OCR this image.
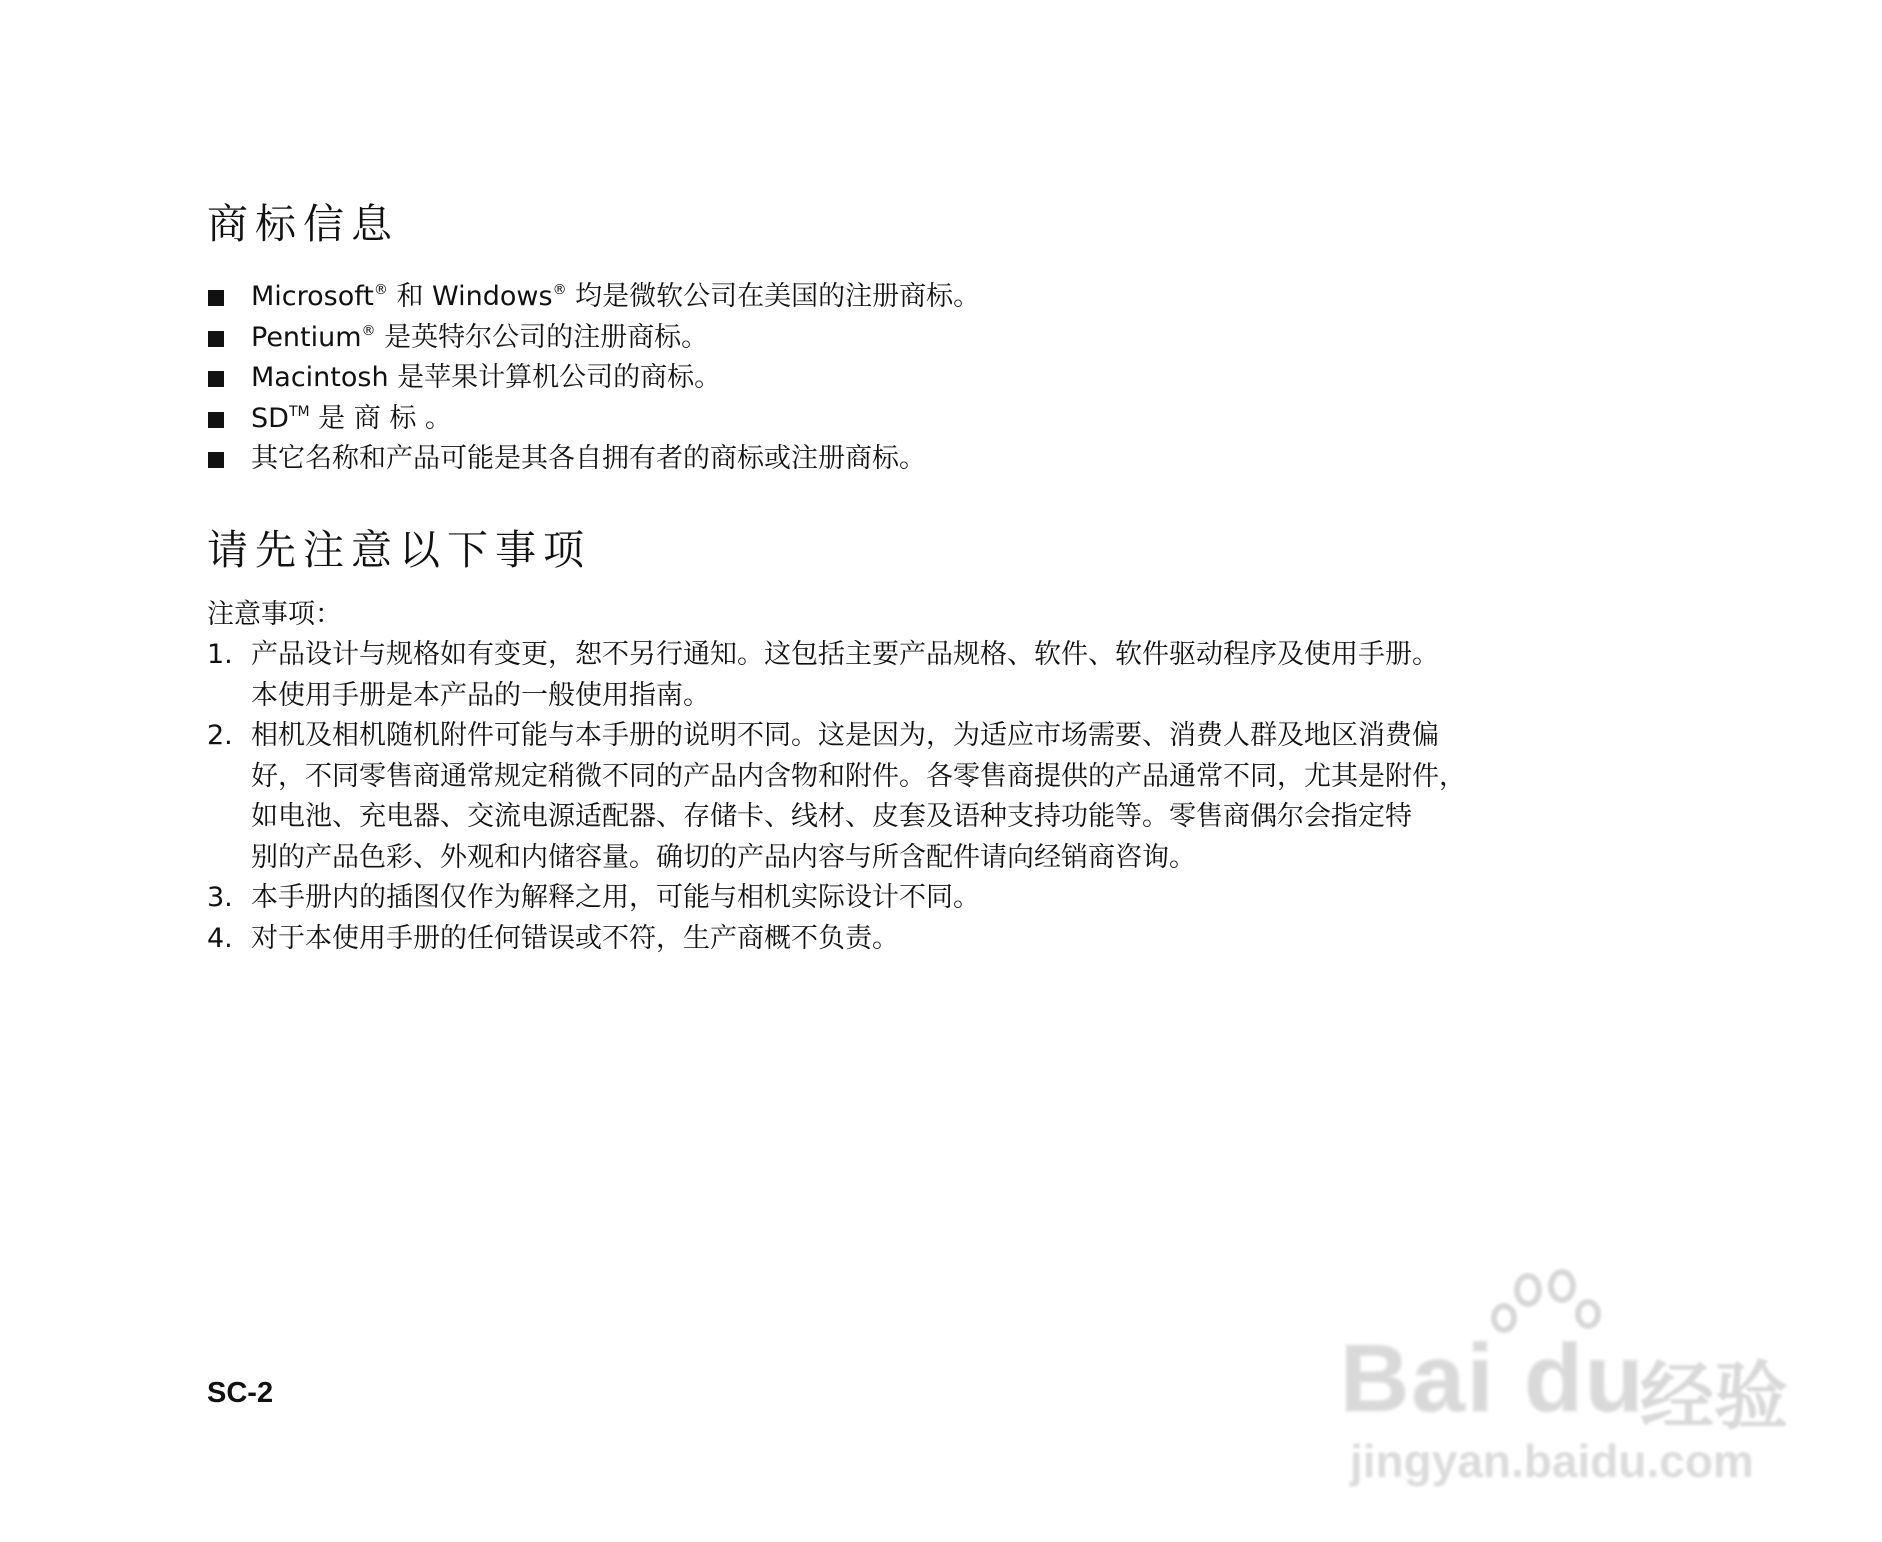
商标信息
Microsoft® 和 Windows® 均是微软公司在美国的注册商标。
Pentium® 是英特尔公司的注册商标。
Macintosh 是苹果计算机公司的商标。
SD™ 是 商 标 。
其它名称和产品可能是其各自拥有者的商标或注册商标。
请先注意以下事项
注意事项：
1. 产品设计与规格如有变更，恕不另行通知。这包括主要产品规格、软件、软件驱动程序及使用手册。
本使用手册是本产品的一般使用指南。
2. 相机及相机随机附件可能与本手册的说明不同。这是因为，为适应市场需要、消费人群及地区消费偏
好，不同零售商通常规定稍微不同的产品内含物和附件。各零售商提供的产品通常不同，尤其是附件，
如电池、充电器、交流电源适配器、存储卡、线材、皮套及语种支持功能等。零售商偶尔会指定特
别的产品色彩、外观和内储容量。确切的产品内容与所含配件请向经销商咨询。
3. 本手册内的插图仅作为解释之用，可能与相机实际设计不同。
4. 对于本使用手册的任何错误或不符，生产商概不负责。
SC-2	Bai du
经验
jingyan.baidu.com
